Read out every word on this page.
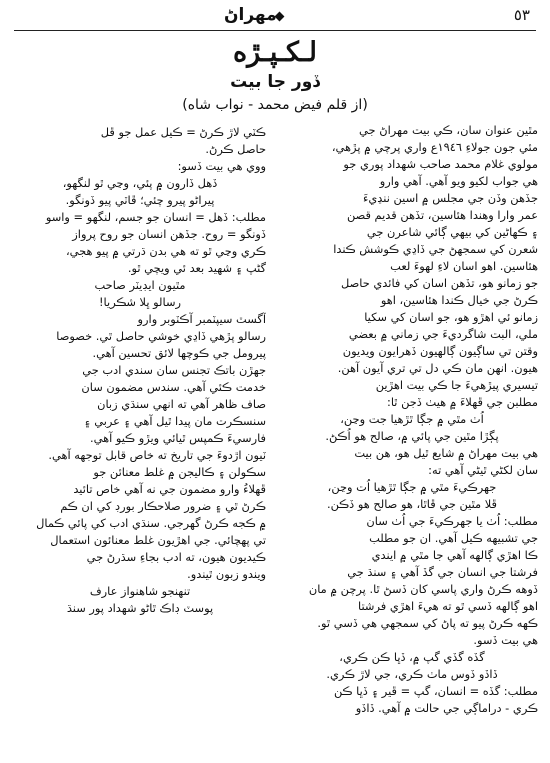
٥٣
مهراڻ
لـکـپـڙه
ڏور جا بيت
(از قلم فيض محمد - نواب شاه)
مٿين عنوان سان، ڪي بيت مهراڻ جي
مئي جون جولاءِ ١٩٤٦ع واري پرچي ۾ پڙهي،
مولوي غلام محمد صاحب شهداد پوري جو
هي جواب لکيو ويو آهي. آهي وارو
جڏهن وڏن جي مجلس ۾ اسين ننڍيءَ
عمر وارا وهندا هئاسين، تڏهن قديم قصن
۽ ڪهاڻين کي بيهي ڳائي شاعرن جي
شعرن کي سمجهڻ جي ڏاڍي ڪوشش ڪندا
هئاسين. اهو اسان لاءِ لهوءَ لعب
جو زمانو هو، تڏهن اسان کي فائدي حاصل
ڪرڻ جي خيال ڪندا هئاسين، اهو
زمانو ئي اهڙو هو، جو اسان کي سکيا
ملي، البت شاگرديءَ جي زماني ۾ بعضي
وقتن تي ساڳيون ڳالهيون ڏهرايون ويديون
هيون. انهن مان ڪي دل تي تري آيون آهن.
تيسيري پيڙهيءَ جا ڪي بيت اهڙين
مطلبن جي ڦهلاءَ ۾ هيٺ ڏجن ٿا:
اُٺ مٿي ۾ جڳا ٿڙهيا جت وڃن،
پڳڙا مٿين جي پائي ۾، صالح هو اُڪڻ.
هي بيت مهراڻ ۾ شايع ٿيل هو، هن بيت
سان لکڻي ٿيڻي آهي ته:
جهرڪيءَ مٿي ۾ جڳا ٿڙهيا اُت وڃن،
ڦلا مٿين جي ڦاٿا، هو صالح هو ڏڪن.
مطلب: اُٺ يا جهرڪيءَ جي اُٺ سان
جي تشبيهه ڪيل آهي. ان جو مطلب
ڪا اهڙي ڳالهه آهي جا مٿي ۾ ايندي
فرشتا جي انسان جي گڏ آهي ۽ سنڌ جي
ڏوهه ڪرڻ واري پاسي کان ڏسڻ ٿا. پرچن ۾ مان
اهو ڳالهه ڏسي ٿو ته هيءَ اهڙي فرشتا
ڪهه ڪرڻ پيو ته پاڻ کي سمجهي هي ڏسي ٿو.
هي بيت ڏسو.
گڏه گڏي گپ ۾، ڏڀا ڪن ڪري،
ڏاڏو ڏوس ماٺ ڪري، جي لاڙ ڪري.
مطلب: گڏه = انسان، گپ = ڦير ۽ ڏڀا ڪن
ڪري - دراماڳي جي حالت ۾ آهي. ڏاڏو
ڪٽي لاڙ ڪرڻ = ڪيل عمل جو ڦل
حاصل ڪرڻ.
ووي هي بيت ڏسو:
ڏهل ڏارون ۾ پئي، وڃي ٿو لنگهو،
پيراڻو پيرو چئي؛ ڦاٽي پيو ڏونگو.
مطلب: ڏهل = انسان جو جسم، لنگهو = واسو
ڏونگو = روح. جڏهن انسان جو روح پرواز
ڪري وڃي ٿو ته هي بدن ڌرتي ۾ پيو هجي،
گڻپ ۽ شهيد بعد ئي ويچي ٿو.
مٿيون ايڊيٽر صاحب
رسالو ڀلا شڪريا!
آگسٽ سيپٽمبر آڪٽوبر وارو
رسالو پڙهي ڏاڍي خوشي حاصل ٿي. خصوصا
پيرومل جي ڪوچها لائق تحسين آهي.
جهڙن باتڪ تجنس سان سندي ادب جي
خدمت ڪئي آهي. سندس مضمون سان
صاف ظاهر آهي ته انهي سنڌي زبان
سنسڪرت مان پيدا ٿيل آهي ۽ عربي ۽
فارسيءَ ڪمپس ٿيائي ويڙو ڪيو آهي.
ٽيون اڙدوءَ جي تاريخ ته خاص قابل توجهه آهي.
سڪولن ۽ ڪاليجن ۾ غلط معنائن جو
ڦهلاءُ وارو مضمون جي نه آهي خاص تائيد
ڪرڻ ٿي ۽ ضرور صلاحڪار بورڊ کي ان ڪم
۾ ڪجه ڪرڻ گهرجي. سنڌي ادب کي پائي ڪمال
تي پهچائي. جي اهڙيون غلط معنائون استعمال
ڪيديون هيون، ته ادب بجاءِ سڌرڻ جي
ويندو زبون ٿيندو.
تنهنجو شاهنواز عارف
پوسٽ ڊاڪ ٿاڻو شهداد پور سنڌ
